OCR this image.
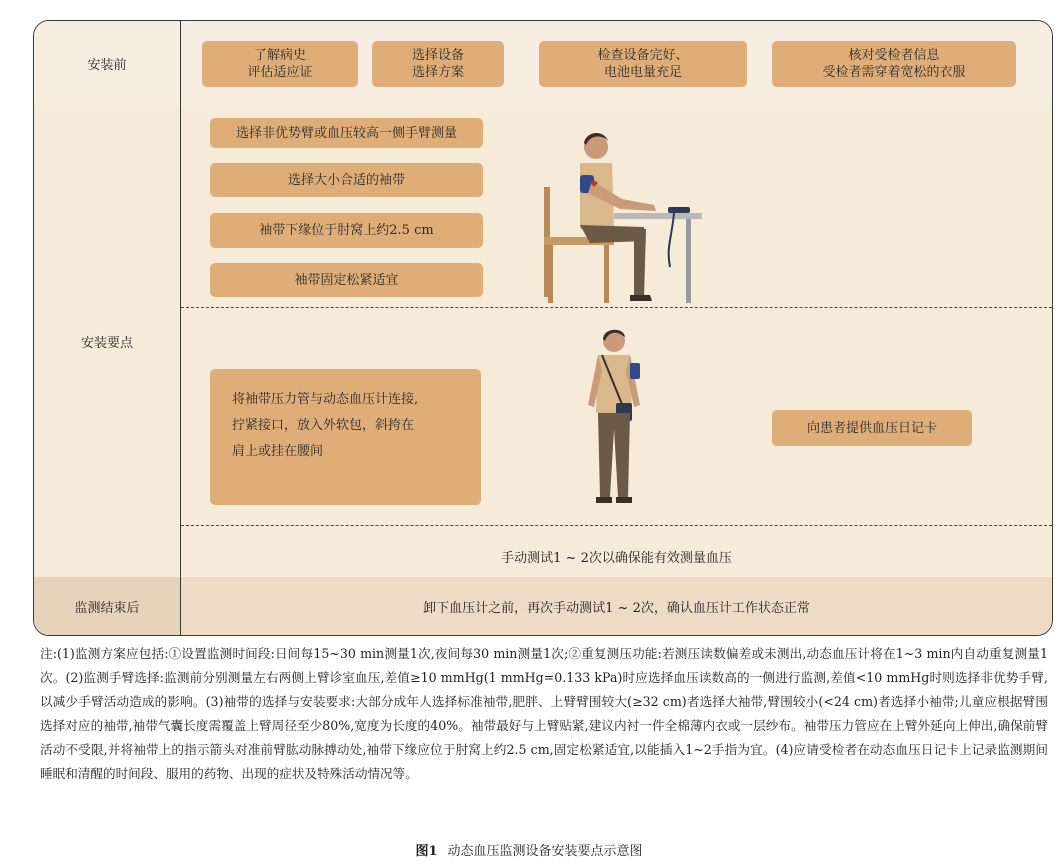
安装前
了解病史
评估适应证
选择设备
选择方案
检查设备完好、
电池电量充足
核对受检者信息
受检者需穿着宽松的衣服
安装要点
选择非优势臂或血压较高一侧手臂测量
选择大小合适的袖带
袖带下缘位于肘窝上约2.5 cm
袖带固定松紧适宜
将袖带压力管与动态血压计连接,
拧紧接口，放入外软包，斜挎在
肩上或挂在腰间
向患者提供血压日记卡
手动测试1 ~ 2次以确保能有效测量血压
监测结束后	卸下血压计之前，再次手动测试1 ~ 2次，确认血压计工作状态正常
注:(1)监测方案应包括:①设置监测时间段:日间每15~30 min测量1次,夜间每30 min测量1次;②重复测压功能:若测压读数偏差或未测出,动态血压计将在1~3 min内自动重复测量1次。(2)监测手臂选择:监测前分别测量左右两侧上臂诊室血压,差值≥10 mmHg(1 mmHg=0.133 kPa)时应选择血压读数高的一侧进行监测,差值<10 mmHg时则选择非优势手臂,以减少手臂活动造成的影响。(3)袖带的选择与安装要求:大部分成年人选择标准袖带,肥胖、上臂臂围较大(≥32 cm)者选择大袖带,臂围较小(<24 cm)者选择小袖带;儿童应根据臂围选择对应的袖带,袖带气囊长度需覆盖上臂周径至少80%,宽度为长度的40%。袖带最好与上臂贴紧,建议内衬一件全棉薄内衣或一层纱布。袖带压力管应在上臂外延向上伸出,确保前臂活动不受限,并将袖带上的指示箭头对准前臂肱动脉搏动处,袖带下缘应位于肘窝上约2.5 cm,固定松紧适宜,以能插入1~2手指为宜。(4)应请受检者在动态血压日记卡上记录监测期间睡眠和清醒的时间段、服用的药物、出现的症状及特殊活动情况等。
图1 动态血压监测设备安装要点示意图
